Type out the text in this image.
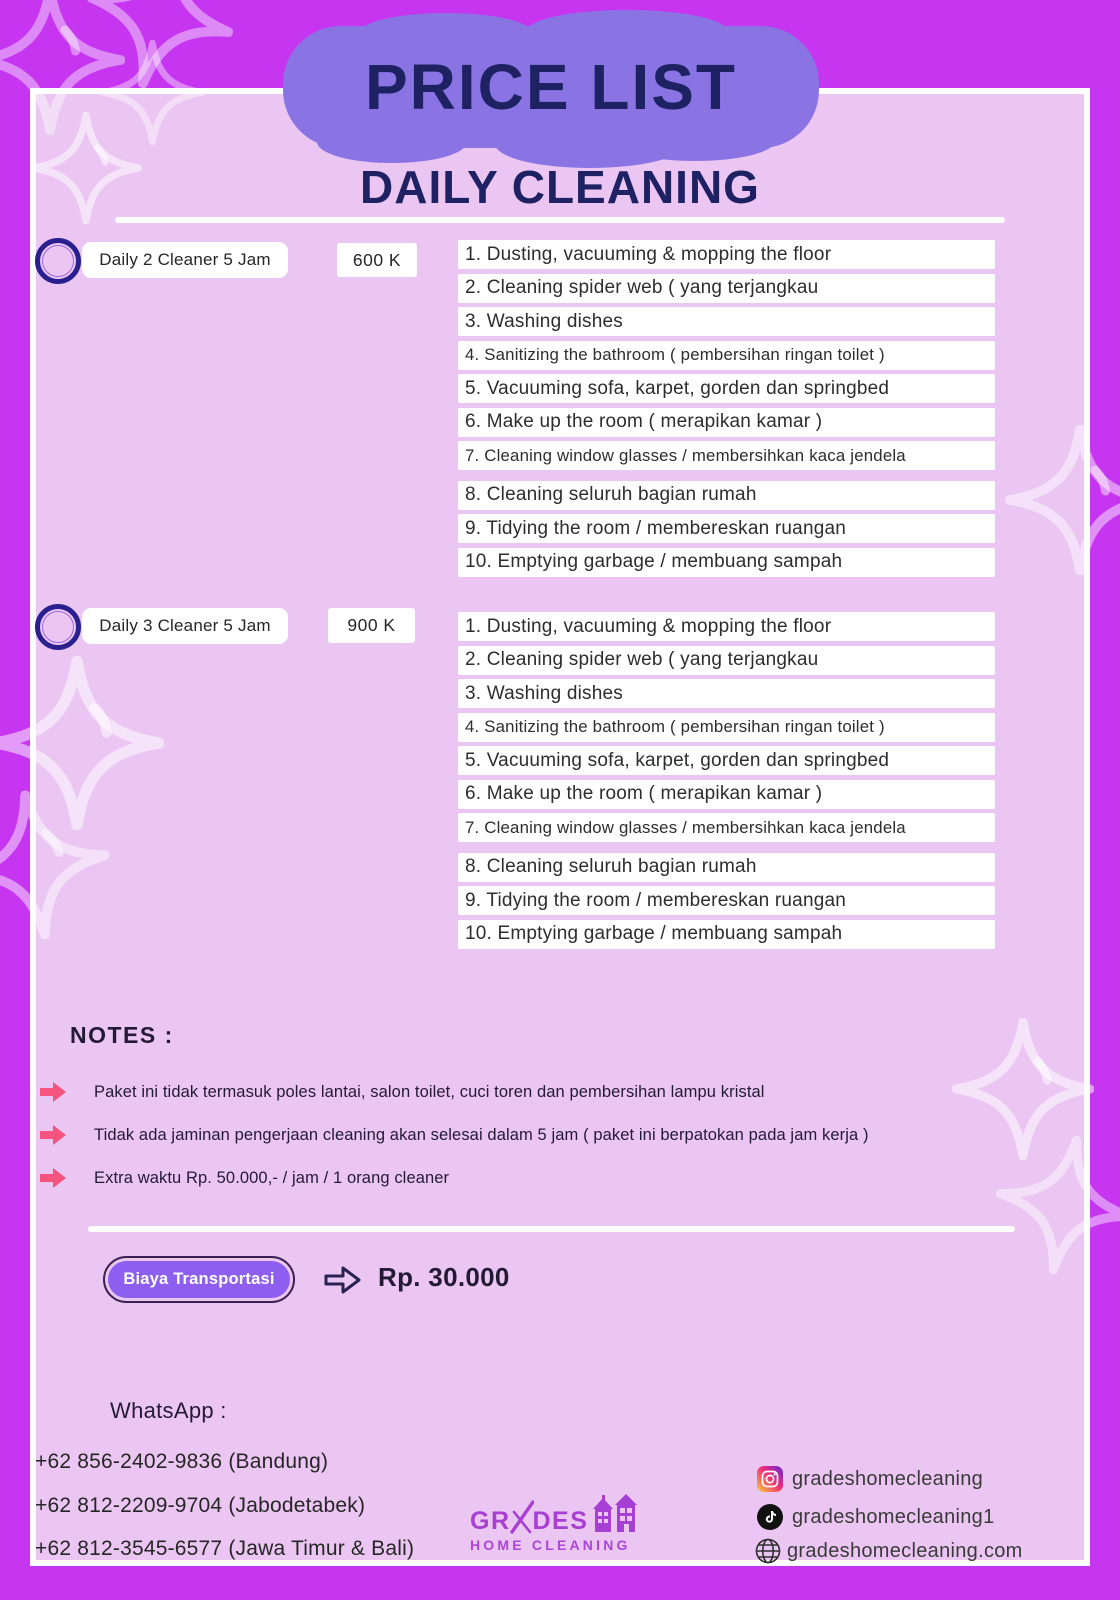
PRICE LIST
DAILY CLEANING
Daily 2 Cleaner 5 Jam	600 K	1. Dusting, vacuuming & mopping the floor
2. Cleaning spider web ( yang terjangkau
3. Washing dishes
4. Sanitizing the bathroom ( pembersihan ringan toilet )
5. Vacuuming sofa, karpet, gorden dan springbed
6. Make up the room ( merapikan kamar )
7. Cleaning window glasses / membersihkan kaca jendela
8. Cleaning seluruh bagian rumah
9. Tidying the room / membereskan ruangan
10. Emptying garbage / membuang sampah
Daily 3 Cleaner 5 Jam	900 K	1. Dusting, vacuuming & mopping the floor
2. Cleaning spider web ( yang terjangkau
3. Washing dishes
4. Sanitizing the bathroom ( pembersihan ringan toilet )
5. Vacuuming sofa, karpet, gorden dan springbed
6. Make up the room ( merapikan kamar )
7. Cleaning window glasses / membersihkan kaca jendela
8. Cleaning seluruh bagian rumah
9. Tidying the room / membereskan ruangan
10. Emptying garbage / membuang sampah
NOTES :
Paket ini tidak termasuk poles lantai, salon toilet, cuci toren dan pembersihan lampu kristal
Tidak ada jaminan pengerjaan cleaning akan selesai dalam 5 jam ( paket ini berpatokan pada jam kerja )
Extra waktu Rp. 50.000,- / jam / 1 orang cleaner
Biaya Transportasi	Rp. 30.000
WhatsApp :
+62 856-2402-9836 (Bandung)
+62 812-2209-9704 (Jabodetabek)
+62 812-3545-6577 (Jawa Timur & Bali)
GR DES
HOME CLEANING
gradeshomecleaning
gradeshomecleaning1
gradeshomecleaning.com
